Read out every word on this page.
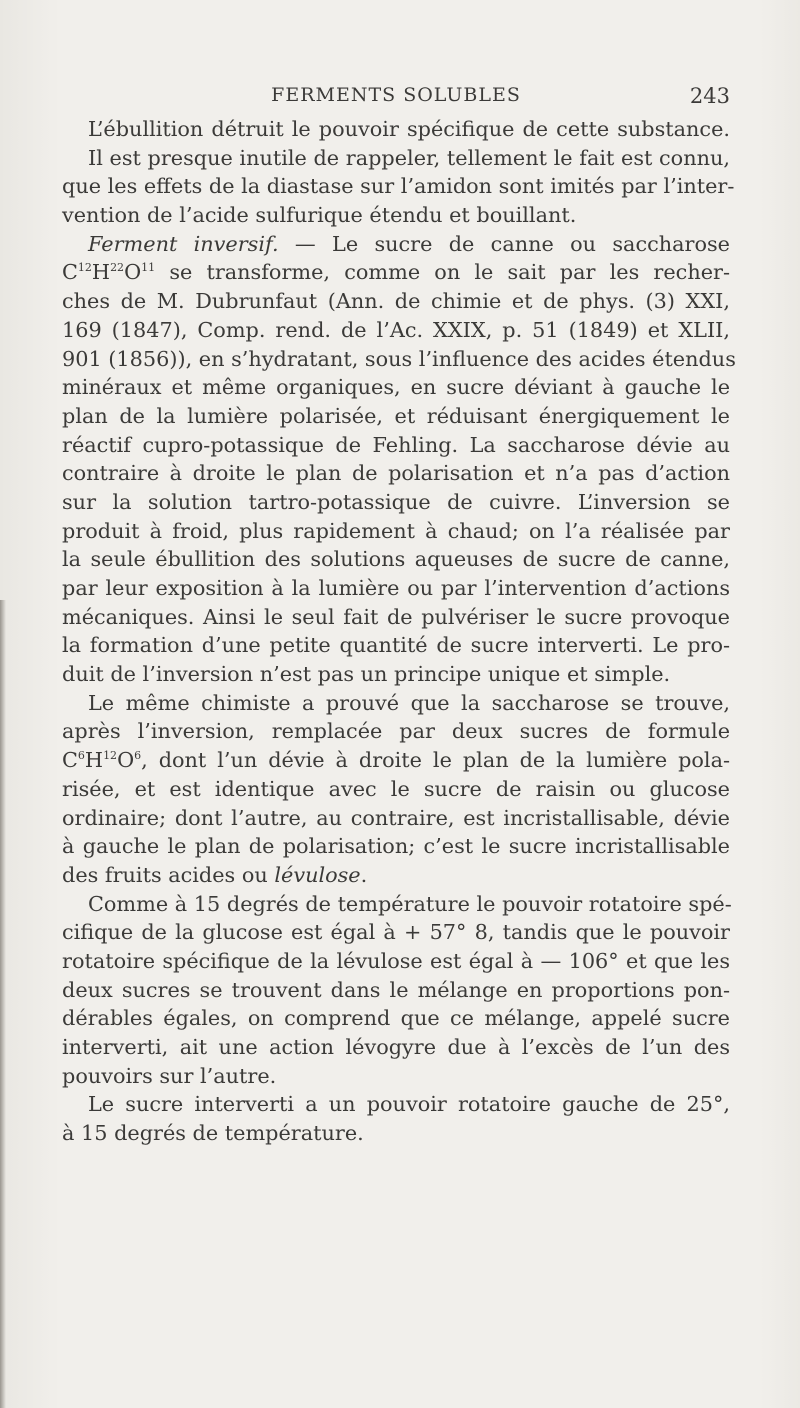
FERMENTS SOLUBLES	243
L’ébullition détruit le pouvoir spécifique de cette substance.
Il est presque inutile de rappeler, tellement le fait est connu,
que les effets de la diastase sur l’amidon sont imités par l’inter-
vention de l’acide sulfurique étendu et bouillant.
Ferment inversif. — Le sucre de canne ou saccharose
$C^{12}H^{22}O^{11}$ se transforme, comme on le sait par les recher-
ches de M. Dubrunfaut (Ann. de chimie et de phys. (3) XXI,
169 (1847), Comp. rend. de l’Ac. XXIX, p. 51 (1849) et XLII,
901 (1856)), en s’hydratant, sous l’influence des acides étendus
minéraux et même organiques, en sucre déviant à gauche le
plan de la lumière polarisée, et réduisant énergiquement le
réactif cupro-potassique de Fehling. La saccharose dévie au
contraire à droite le plan de polarisation et n’a pas d’action
sur la solution tartro-potassique de cuivre. L’inversion se
produit à froid, plus rapidement à chaud; on l’a réalisée par
la seule ébullition des solutions aqueuses de sucre de canne,
par leur exposition à la lumière ou par l’intervention d’actions
mécaniques. Ainsi le seul fait de pulvériser le sucre provoque
la formation d’une petite quantité de sucre interverti. Le pro-
duit de l’inversion n’est pas un principe unique et simple.
Le même chimiste a prouvé que la saccharose se trouve,
après l’inversion, remplacée par deux sucres de formule
$C^6H^{12}O^6$, dont l’un dévie à droite le plan de la lumière pola-
risée, et est identique avec le sucre de raisin ou glucose
ordinaire; dont l’autre, au contraire, est incristallisable, dévie
à gauche le plan de polarisation; c’est le sucre incristallisable
des fruits acides ou lévulose.
Comme à 15 degrés de température le pouvoir rotatoire spé-
cifique de la glucose est égal à + 57° 8, tandis que le pouvoir
rotatoire spécifique de la lévulose est égal à — 106° et que les
deux sucres se trouvent dans le mélange en proportions pon-
dérables égales, on comprend que ce mélange, appelé sucre
interverti, ait une action lévogyre due à l’excès de l’un des
pouvoirs sur l’autre.
Le sucre interverti a un pouvoir rotatoire gauche de 25°,
à 15 degrés de température.
